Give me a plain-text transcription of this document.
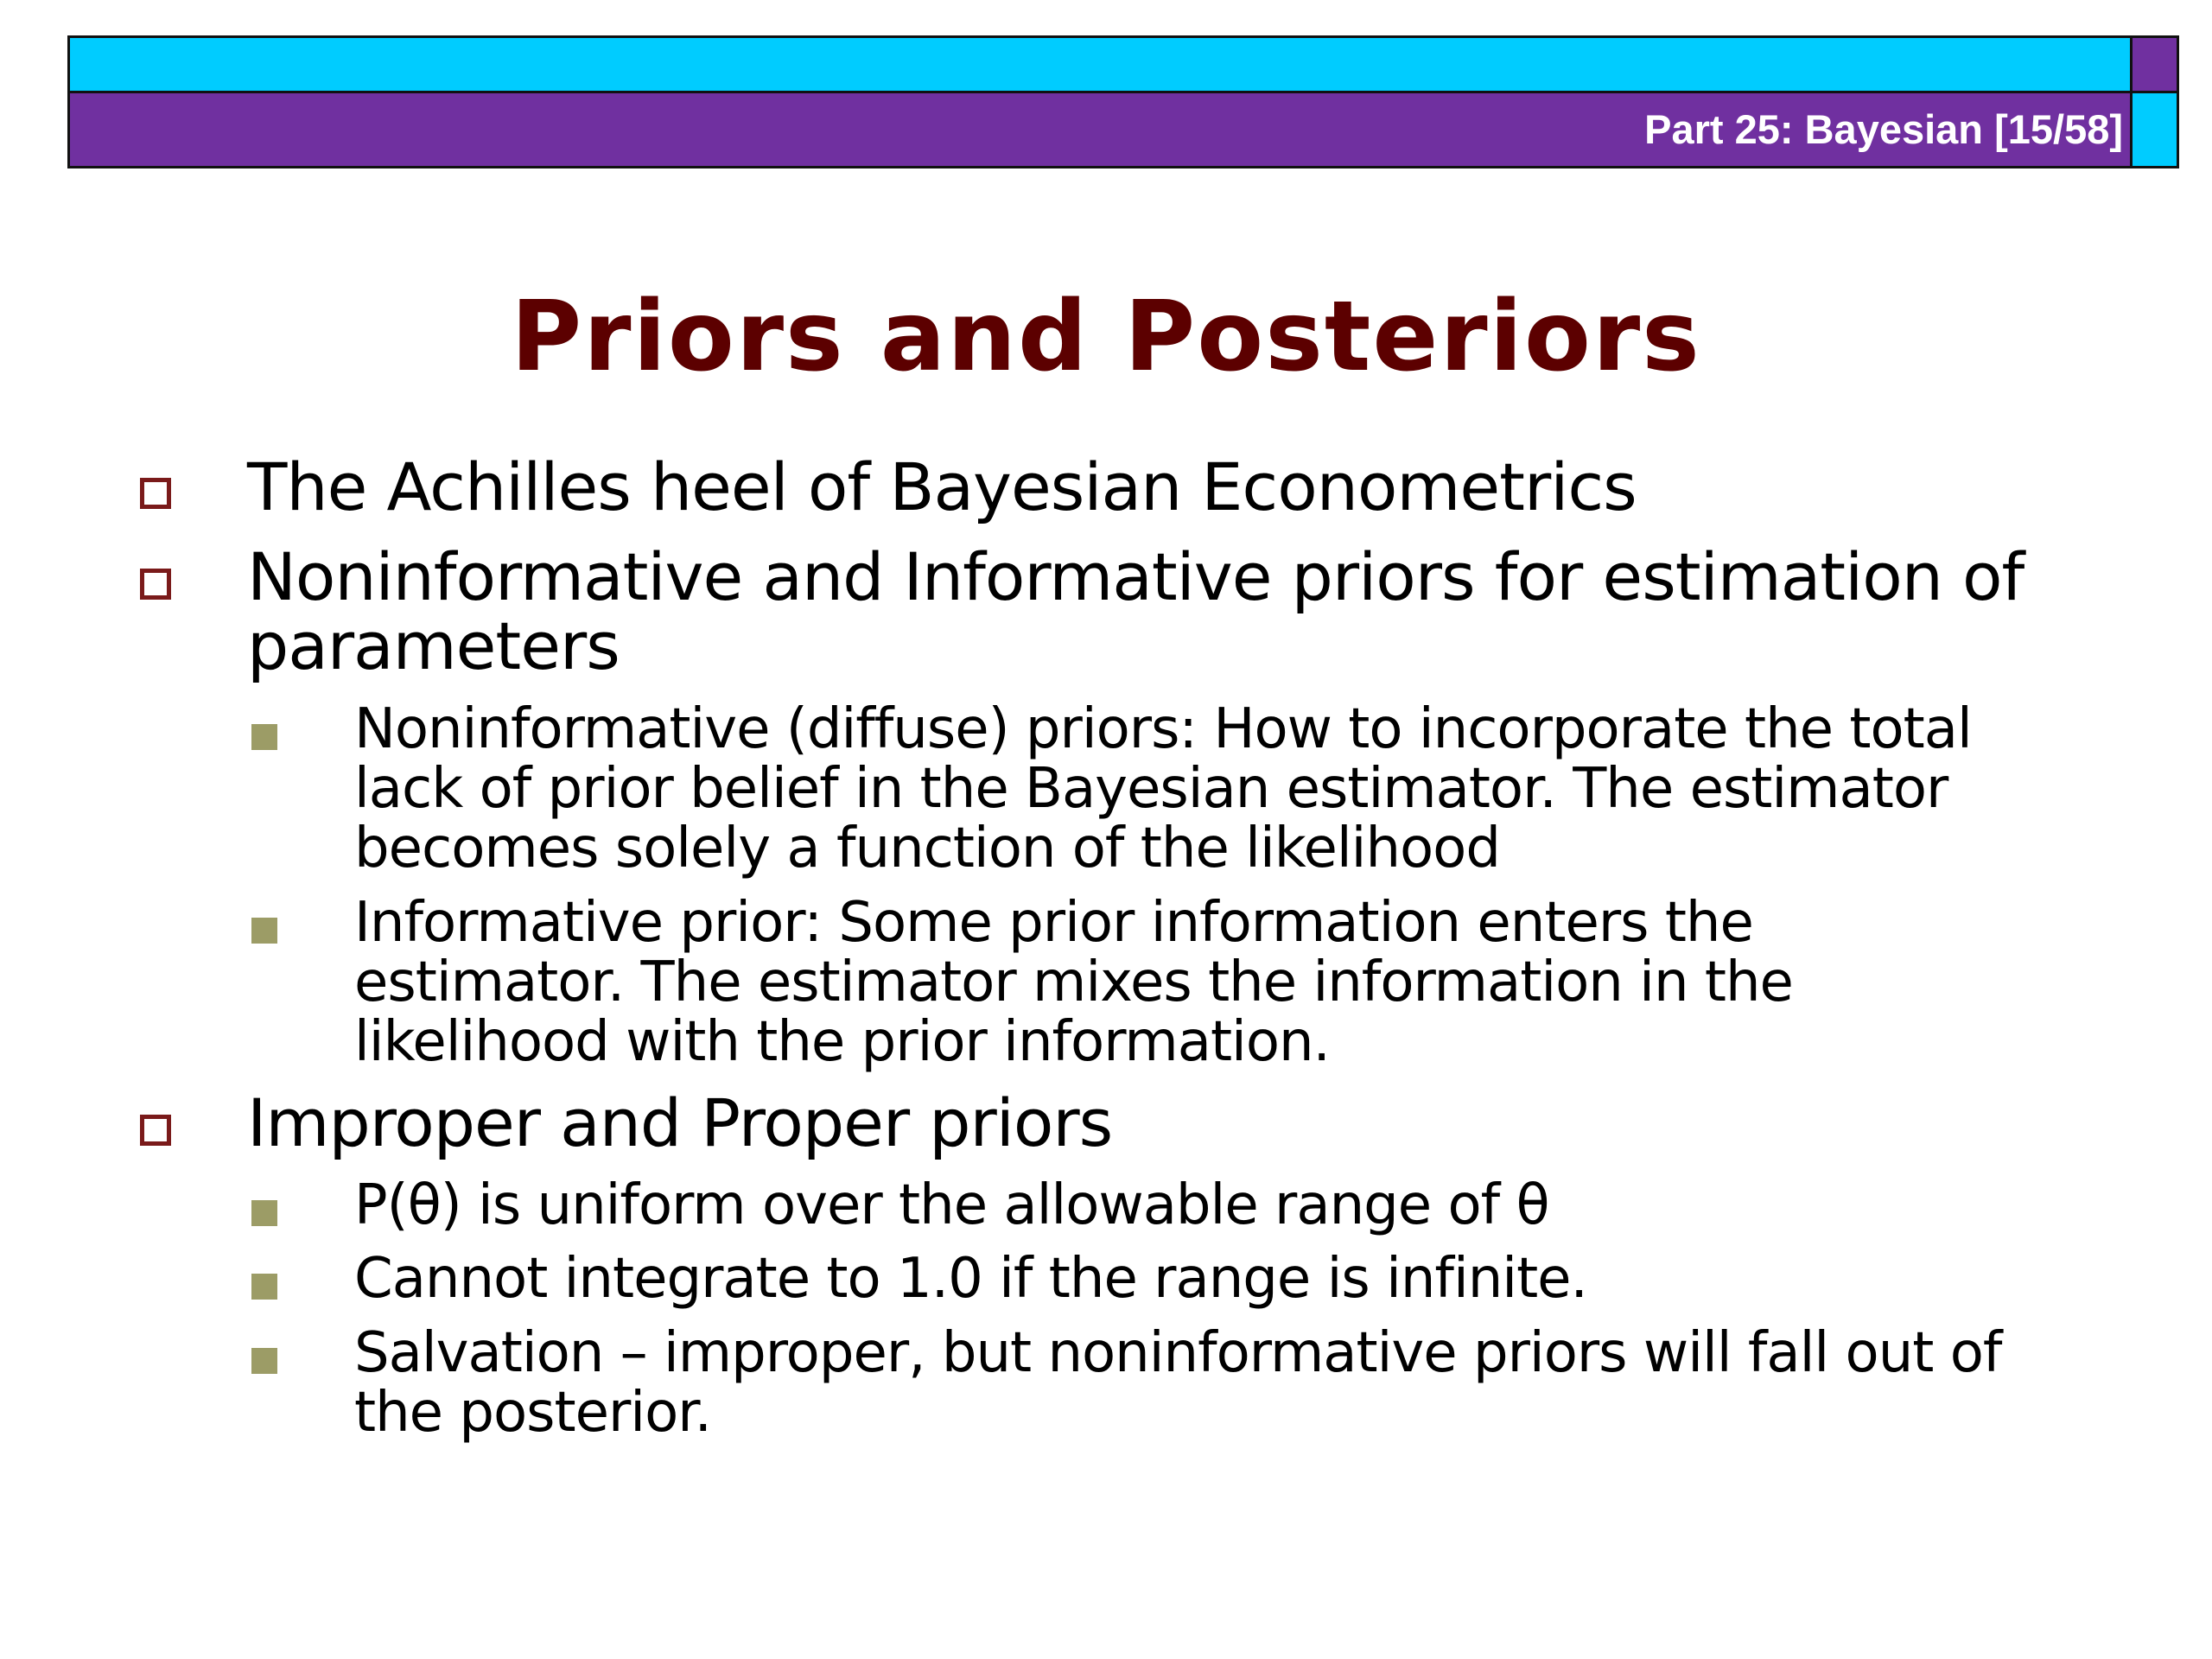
Part 25: Bayesian [15/58]
Priors and Posteriors
The Achilles heel of Bayesian Econometrics
Noninformative and Informative priors for estimation of
parameters
Noninformative (diffuse) priors: How to incorporate the total
lack of prior belief in the Bayesian estimator. The estimator
becomes solely a function of the likelihood
Informative prior: Some prior information enters the
estimator. The estimator mixes the information in the
likelihood with the prior information.
Improper and Proper priors
P(θ) is uniform over the allowable range of θ
Cannot integrate to 1.0 if the range is infinite.
Salvation – improper, but noninformative priors will fall out of
the posterior.
